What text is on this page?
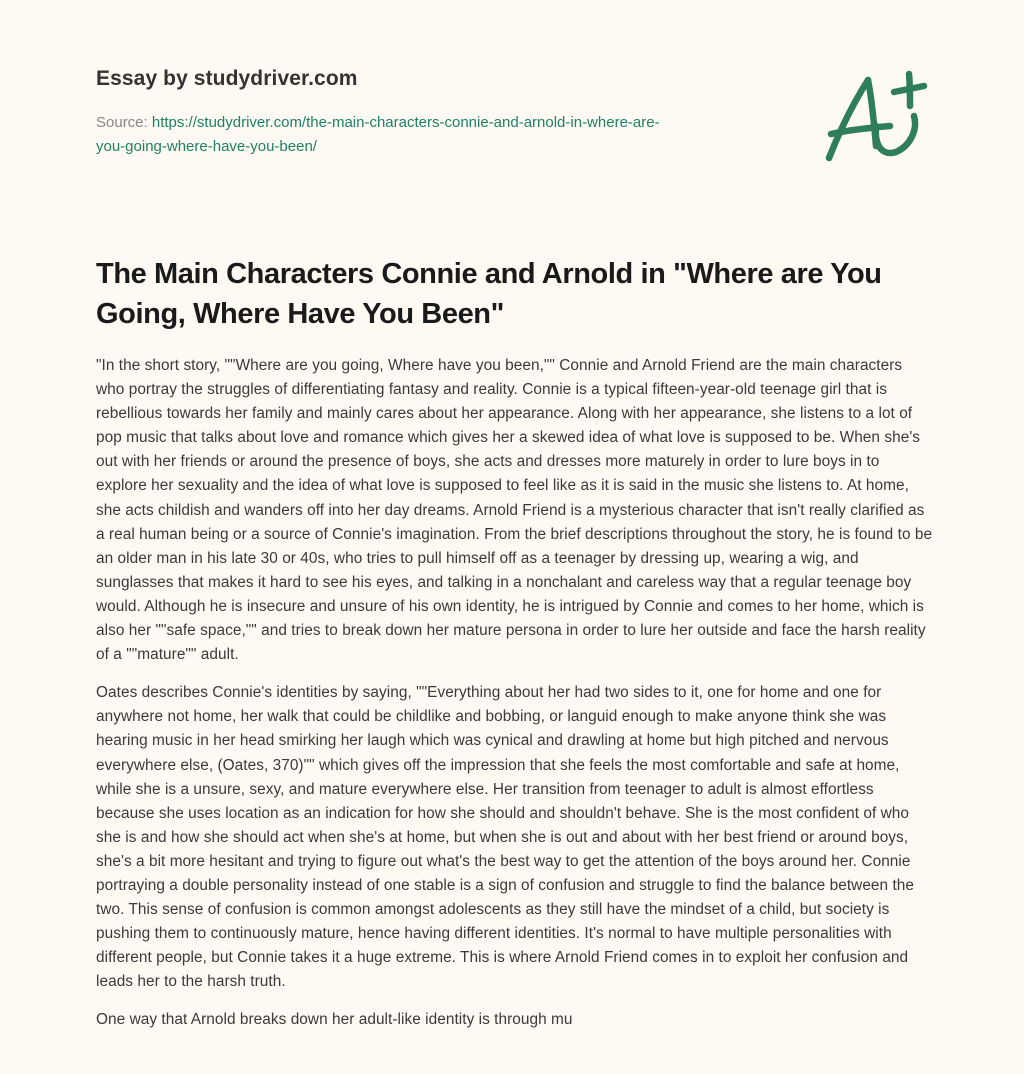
Essay by studydriver.com
Source: https://studydriver.com/the-main-characters-connie-and-arnold-in-where-are-
you-going-where-have-you-been/
The Main Characters Connie and Arnold in "Where are You Going, Where Have You Been"

"In the short story, ""Where are you going, Where have you been,"" Connie and Arnold Friend are the main characters who portray the struggles of differentiating fantasy and reality. Connie is a typical fifteen-year-old teenage girl that is rebellious towards her family and mainly cares about her appearance. Along with her appearance, she listens to a lot of pop music that talks about love and romance which gives her a skewed idea of what love is supposed to be. When she's out with her friends or around the presence of boys, she acts and dresses more maturely in order to lure boys in to explore her sexuality and the idea of what love is supposed to feel like as it is said in the music she listens to. At home, she acts childish and wanders off into her day dreams. Arnold Friend is a mysterious character that isn't really clarified as a real human being or a source of Connie's imagination. From the brief descriptions throughout the story, he is found to be an older man in his late 30 or 40s, who tries to pull himself off as a teenager by dressing up, wearing a wig, and sunglasses that makes it hard to see his eyes, and talking in a nonchalant and careless way that a regular teenage boy would. Although he is insecure and unsure of his own identity, he is intrigued by Connie and comes to her home, which is also her ""safe space,"" and tries to break down her mature persona in order to lure her outside and face the harsh reality of a ""mature"" adult.

Oates describes Connie's identities by saying, ""Everything about her had two sides to it, one for home and one for anywhere not home, her walk that could be childlike and bobbing, or languid enough to make anyone think she was hearing music in her head smirking her laugh which was cynical and drawling at home but high pitched and nervous everywhere else, (Oates, 370)"" which gives off the impression that she feels the most comfortable and safe at home, while she is a unsure, sexy, and mature everywhere else. Her transition from teenager to adult is almost effortless because she uses location as an indication for how she should and shouldn't behave. She is the most confident of who she is and how she should act when she's at home, but when she is out and about with her best friend or around boys, she's a bit more hesitant and trying to figure out what's the best way to get the attention of the boys around her. Connie portraying a double personality instead of one stable is a sign of confusion and struggle to find the balance between the two. This sense of confusion is common amongst adolescents as they still have the mindset of a child, but society is pushing them to continuously mature, hence having different identities. It's normal to have multiple personalities with different people, but Connie takes it a huge extreme. This is where Arnold Friend comes in to exploit her confusion and leads her to the harsh truth.

One way that Arnold breaks down her adult-like identity is through mu
